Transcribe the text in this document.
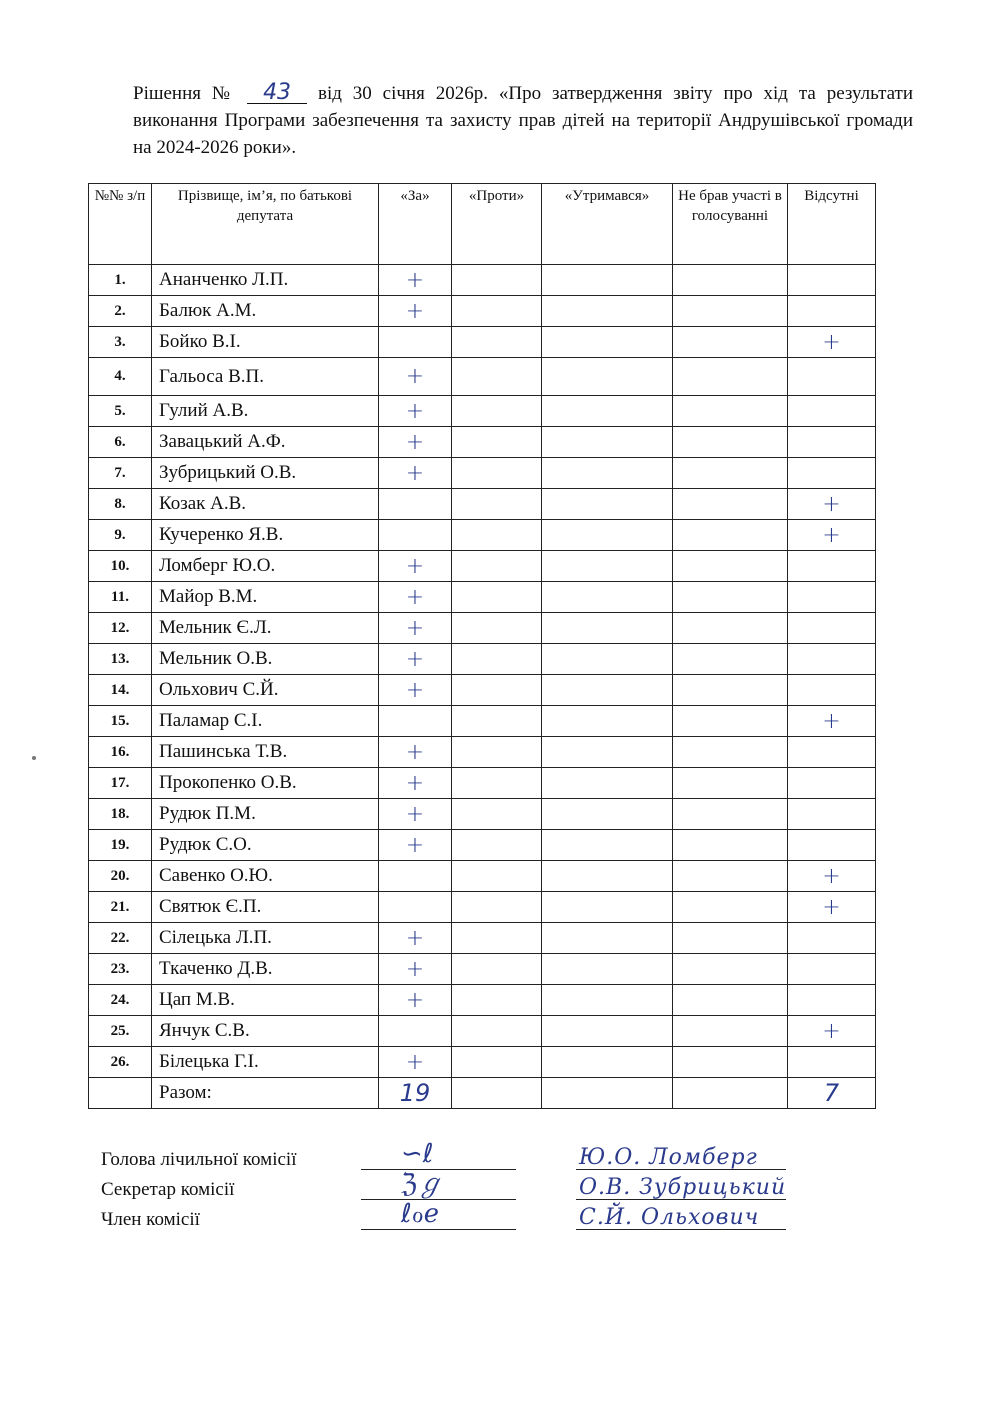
Рішення № 43 від 30 січня 2026р. «Про затвердження звіту про хід та результати виконання Програми забезпечення та захисту прав дітей на території Андрушівської громади на 2024-2026 роки».
№№ з/п	Прізвище, ім’я, по батькові депутата	«За»	«Проти»	«Утримався»	Не брав участі в голосуванні	Відсутні
1.	Ананченко Л.П.	+				
2.	Балюк А.М.	+				
3.	Бойко В.І.					+
4.	Гальоса В.П.	+				
5.	Гулий А.В.	+				
6.	Завацький А.Ф.	+				
7.	Зубрицький О.В.	+				
8.	Козак А.В.					+
9.	Кучеренко Я.В.					+
10.	Ломберг Ю.О.	+				
11.	Майор В.М.	+				
12.	Мельник Є.Л.	+				
13.	Мельник О.В.	+				
14.	Ольхович С.Й.	+				
15.	Паламар С.І.					+
16.	Пашинська Т.В.	+				
17.	Прокопенко О.В.	+				
18.	Рудюк П.М.	+				
19.	Рудюк С.О.	+				
20.	Савенко О.Ю.					+
21.	Святюк Є.П.					+
22.	Сілецька Л.П.	+				
23.	Ткаченко Д.В.	+				
24.	Цап М.В.	+				
25.	Янчук С.В.					+
26.	Білецька Г.І.	+				
	Разом:	19				7
Голова лічильної комісії	∽ℓ	Ю.О. Ломберг
Секретар комісії	ℨℊ	О.В. Зубрицький
Член комісії	ℓℴℯ	С.Й. Ольхович
